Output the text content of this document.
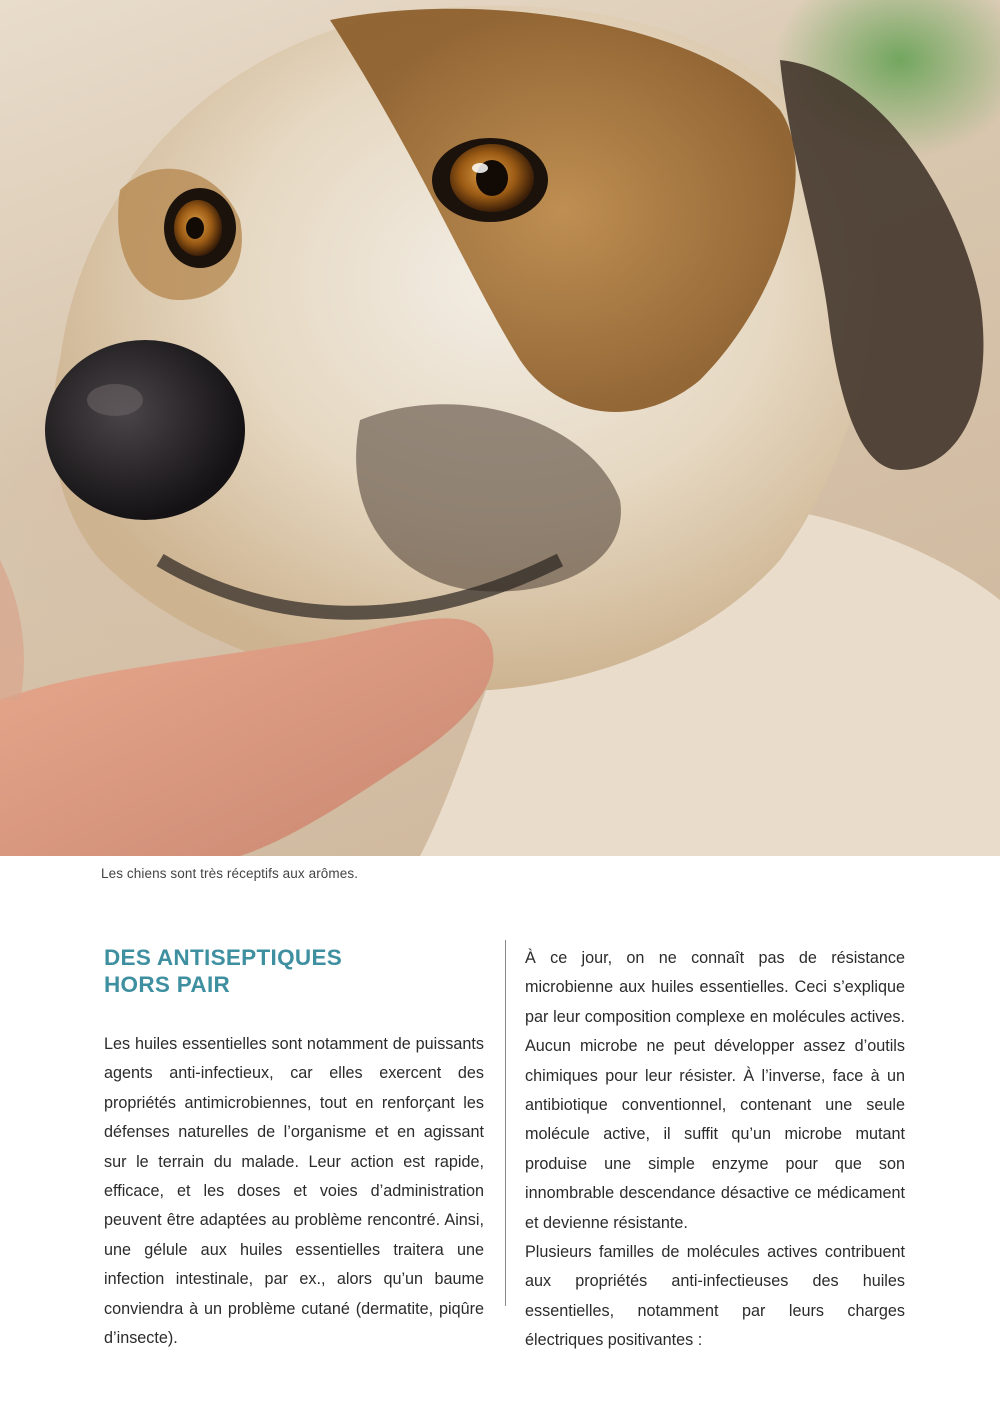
Les chiens sont très réceptifs aux arômes.
DES ANTISEPTIQUES
HORS PAIR

Les huiles essentielles sont notamment de puissants agents anti-infectieux, car elles exercent des propriétés antimicrobiennes, tout en renforçant les défenses naturelles de l’organisme et en agissant sur le terrain du malade. Leur action est rapide, efficace, et les doses et voies d’administration peuvent être adaptées au problème rencontré. Ainsi, une gélule aux huiles essentielles traitera une infection intestinale, par ex., alors qu’un baume conviendra à un problème cutané (dermatite, piqûre d’insecte).

À ce jour, on ne connaît pas de résistance microbienne aux huiles essentielles. Ceci s’explique par leur composition complexe en molécules actives. Aucun microbe ne peut développer assez d’outils chimiques pour leur résister. À l’inverse, face à un antibiotique conventionnel, contenant une seule molécule active, il suffit qu’un microbe mutant produise une simple enzyme pour que son innombrable descendance désactive ce médicament et devienne résistante.

Plusieurs familles de molécules actives contribuent aux propriétés anti-infectieuses des huiles essentielles, notamment par leurs charges électriques positivantes :
